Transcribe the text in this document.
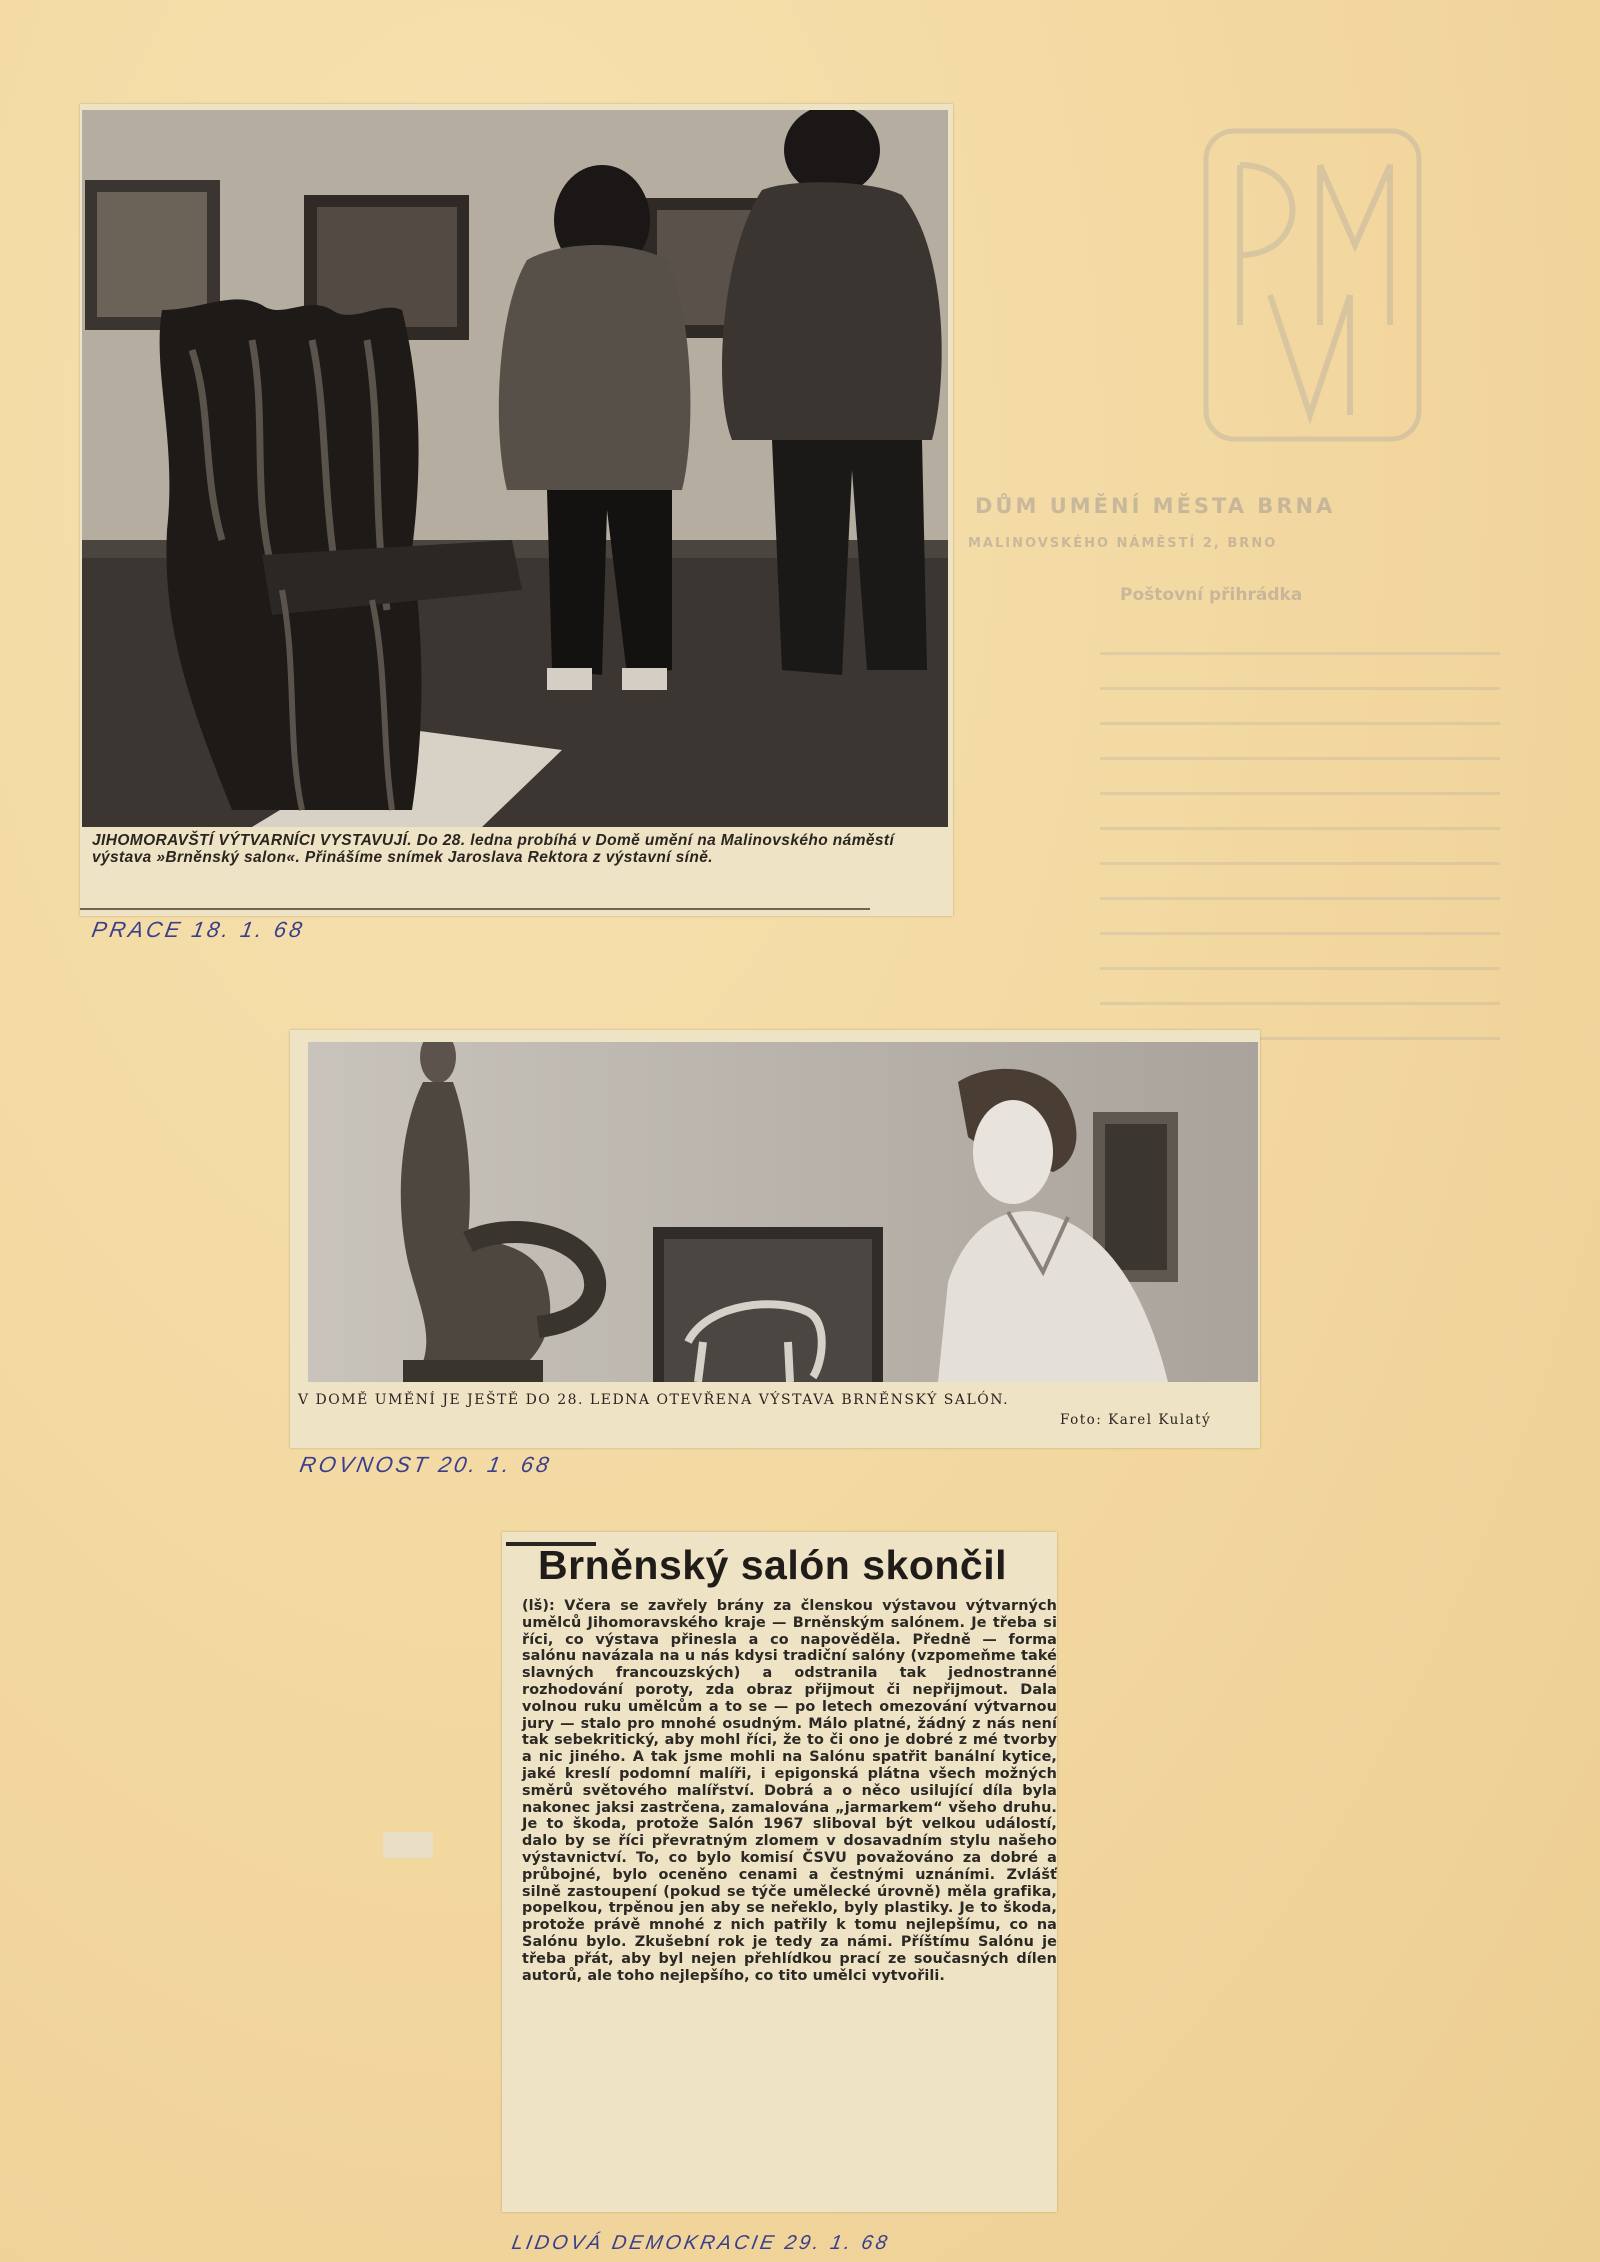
DŮM UMĚNÍ MĚSTA BRNA
MALINOVSKÉHO NÁMĚSTÍ 2, BRNO
Poštovní přihrádka
JIHOMORAVŠTÍ VÝTVARNÍCI VYSTAVUJÍ. Do 28. ledna probíhá v Domě umění na Malinovského náměstí výstava »Brněnský salon«. Přinášíme snímek Jaroslava Rektora z výstavní síně.
PRACE 18. 1. 68
V DOMĚ UMĚNÍ JE JEŠTĚ DO 28. LEDNA OTEVŘENA VÝSTAVA BRNĚNSKÝ SALÓN.
Foto: Karel Kulatý
ROVNOST 20. 1. 68
Brněnský salón skončil
(lš): Včera se zavřely brány za členskou výstavou výtvarných umělců Jihomoravského kraje — Brněnským salónem. Je třeba si říci, co výstava přinesla a co napověděla. Předně — forma salónu navázala na u nás kdysi tradiční salóny (vzpomeňme také slavných francouzských) a odstranila tak jednostranné rozhodování poroty, zda obraz přijmout či nepřijmout. Dala volnou ruku umělcům a to se — po letech omezování výtvarnou jury — stalo pro mnohé osudným. Málo platné, žádný z nás není tak sebekritický, aby mohl říci, že to či ono je dobré z mé tvorby a nic jiného. A tak jsme mohli na Salónu spatřit banální kytice, jaké kreslí podomní malíři, i epigonská plátna všech možných směrů světového malířství. Dobrá a o něco usilující díla byla nakonec jaksi zastrčena, zamalována „jarmarkem“ všeho druhu. Je to škoda, protože Salón 1967 sliboval být velkou událostí, dalo by se říci převratným zlomem v dosavadním stylu našeho výstavnictví. To, co bylo komisí ČSVU považováno za dobré a průbojné, bylo oceněno cenami a čestnými uznáními. Zvlášť silně zastoupení (pokud se týče umělecké úrovně) měla grafika, popelkou, trpěnou jen aby se neřeklo, byly plastiky. Je to škoda, protože právě mnohé z nich patřily k tomu nejlepšímu, co na Salónu bylo. Zkušební rok je tedy za námi. Příštímu Salónu je třeba přát, aby byl nejen přehlídkou prací ze současných dílen autorů, ale toho nejlepšího, co tito umělci vytvořili.
LIDOVÁ DEMOKRACIE 29. 1. 68
